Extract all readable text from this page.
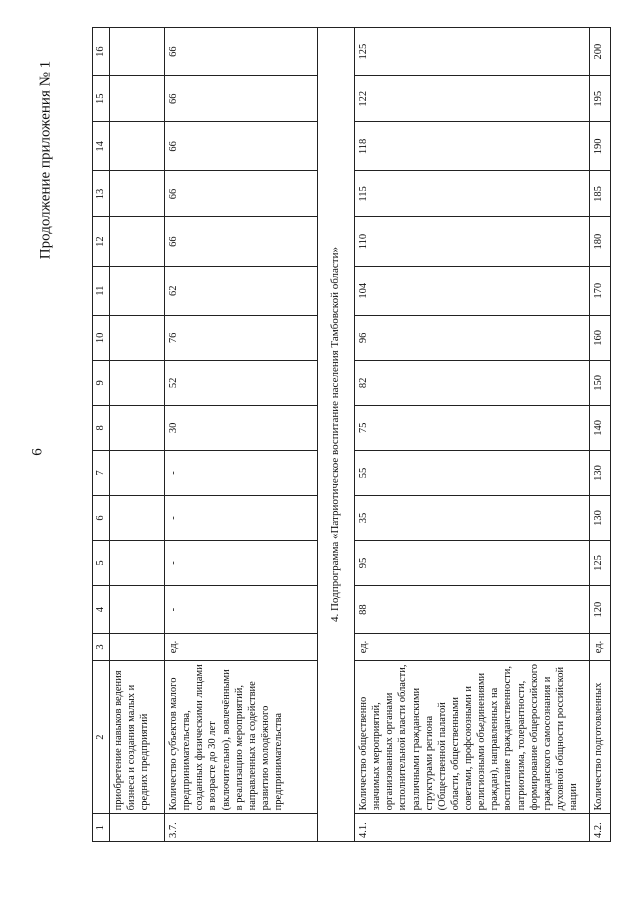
6
Продолжение приложения № 1
1	2	3	4	5	6	7	8	9	10	11	12	13	14	15	16
	приобретение навыков ведения бизнеса и создания малых и средних предприятий														
3.7.	Количество субъектов малого предпринимательства, созданных физическими лицами в возрасте до 30 лет (включительно), вовлечёнными в реализацию мероприятий, направленных на содействие развитию молодёжного предпринимательства	ед.	-	-	-	-	30	52	76	62	66	66	66	66	66
4. Подпрограмма «Патриотическое воспитание населения Тамбовской области»															
4.1.	Количество общественно значимых мероприятий, организованных органами исполнительной власти области, различными гражданскими структурами региона (Общественной палатой области, общественными советами, профсоюзными и религиозными объединениями граждан), направленных на воспитание гражданственности, патриотизма, толерантности, формирование общероссийского гражданского самосознания и духовной общности российской нации	ед.	88	95	35	55	75	82	96	104	110	115	118	122	125
4.2.	Количество подготовленных	ед.	120	125	130	130	140	150	160	170	180	185	190	195	200
